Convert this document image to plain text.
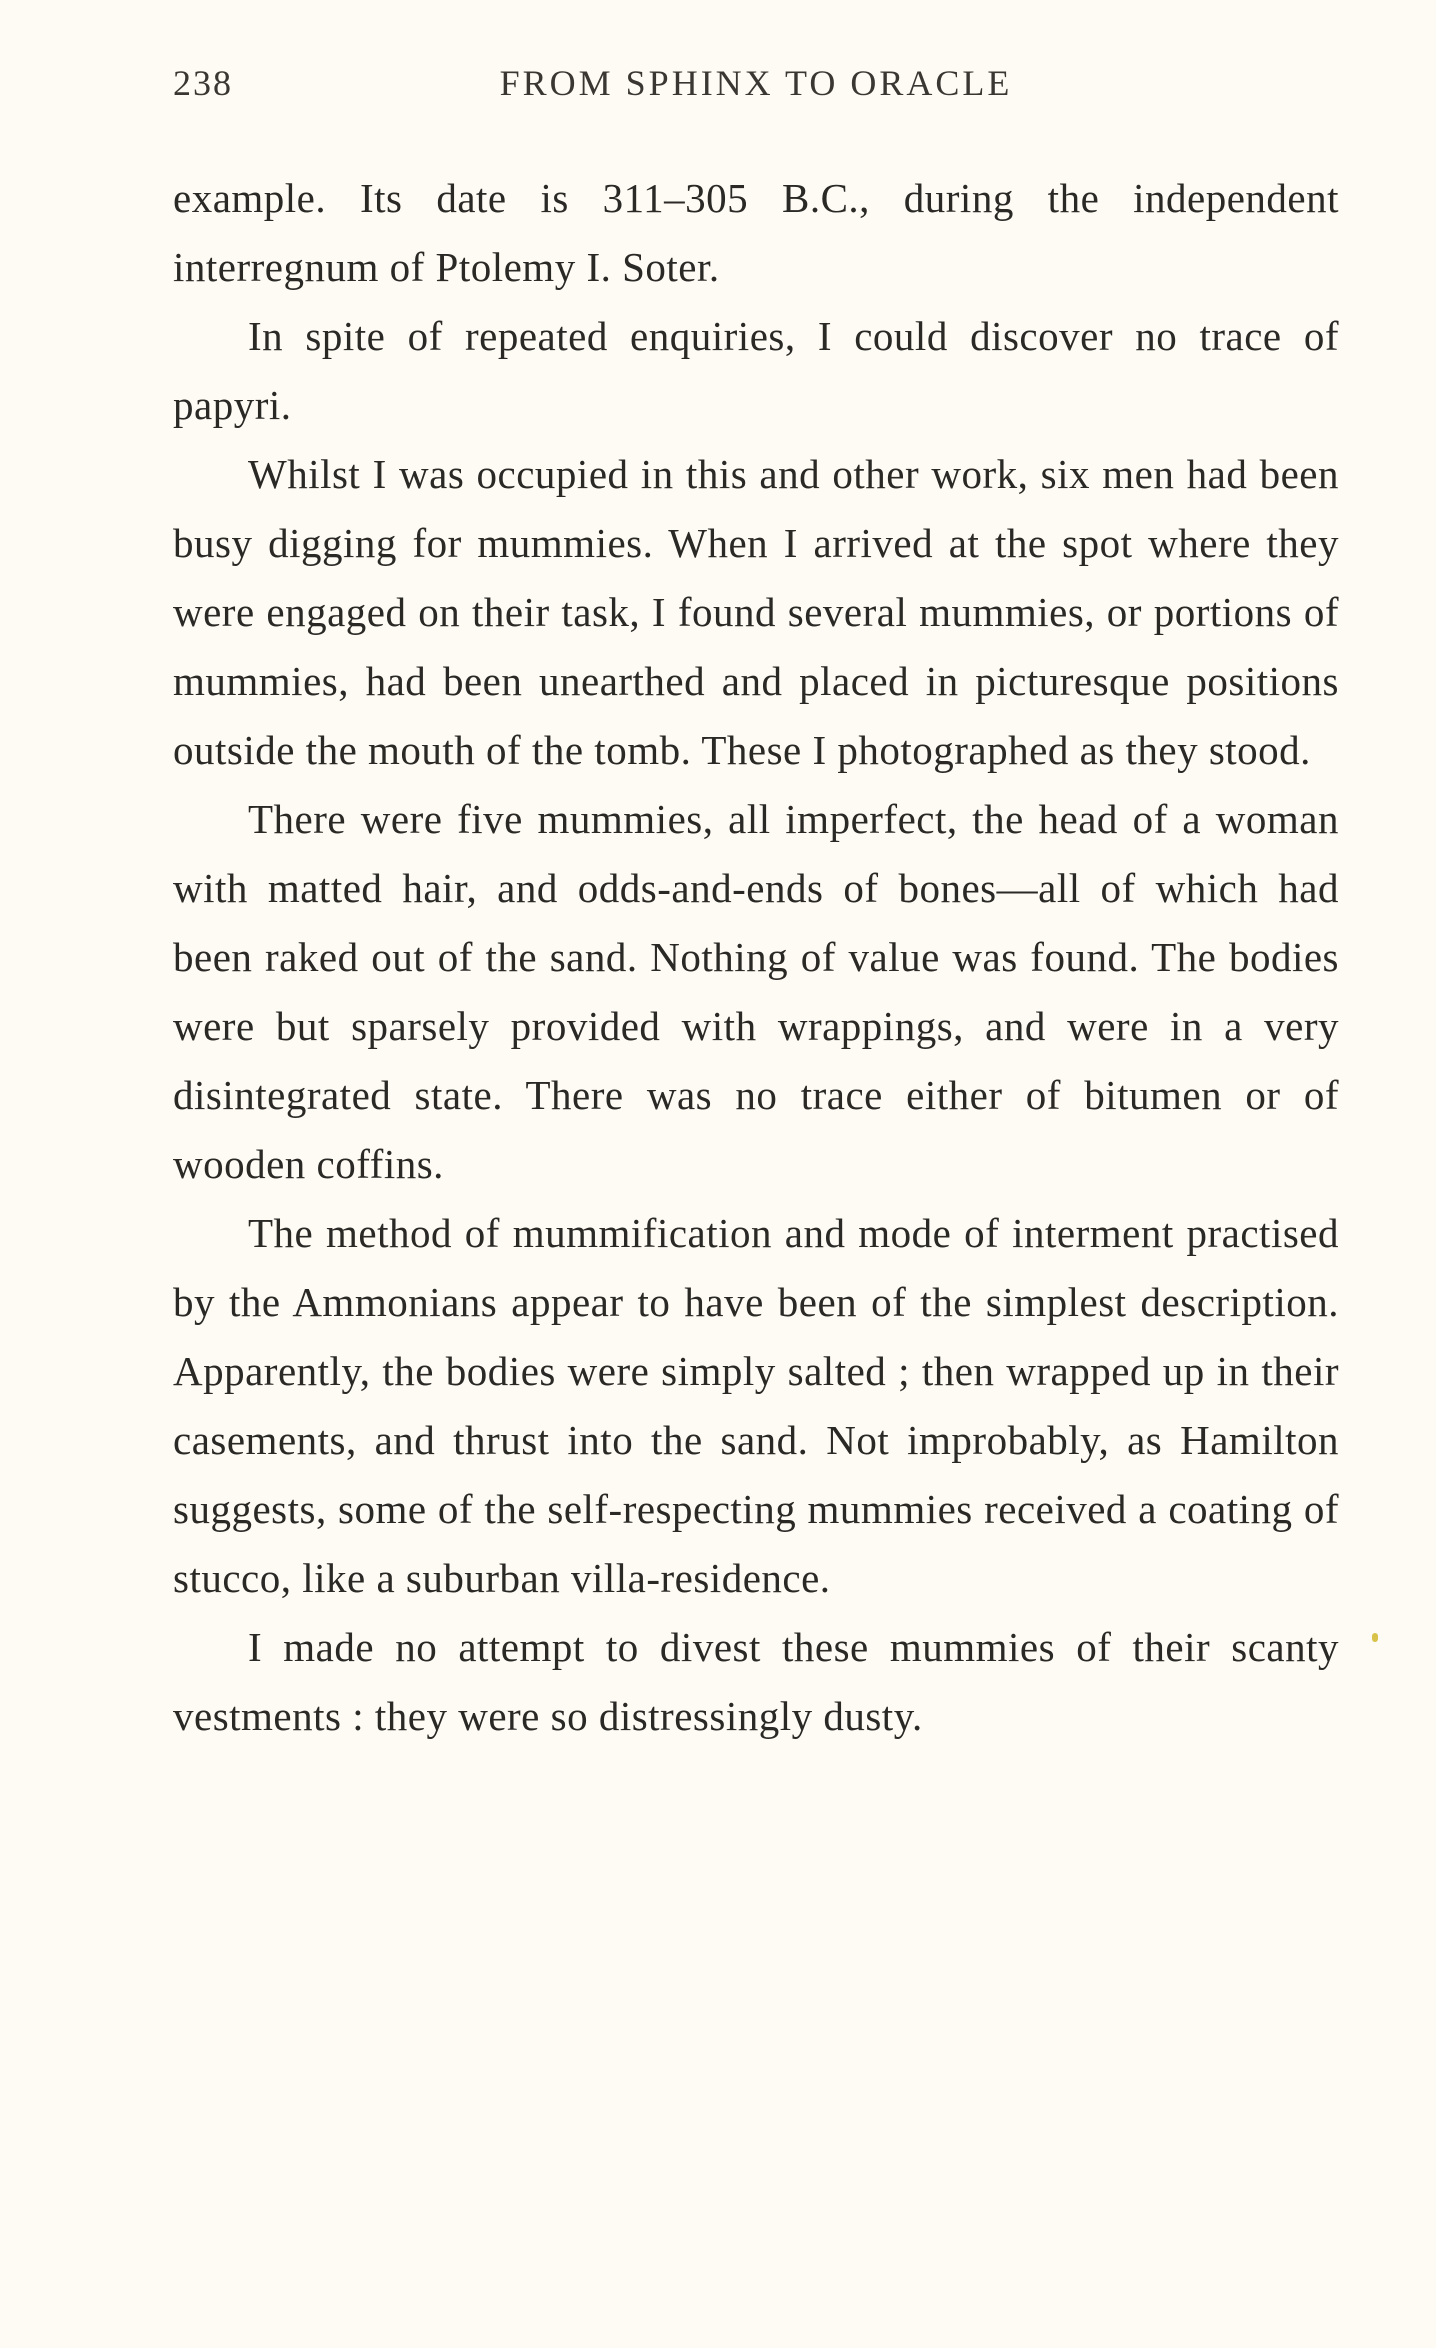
238	FROM SPHINX TO ORACLE

example. Its date is 311–305 B.C., during the independent interregnum of Ptolemy I. Soter.

In spite of repeated enquiries, I could discover no trace of papyri.

Whilst I was occupied in this and other work, six men had been busy digging for mummies. When I arrived at the spot where they were engaged on their task, I found several mummies, or portions of mummies, had been unearthed and placed in picturesque positions outside the mouth of the tomb. These I photographed as they stood.

There were five mummies, all imperfect, the head of a woman with matted hair, and odds-and-ends of bones—all of which had been raked out of the sand. Nothing of value was found. The bodies were but sparsely provided with wrappings, and were in a very disintegrated state. There was no trace either of bitumen or of wooden coffins.

The method of mummification and mode of interment practised by the Ammonians appear to have been of the simplest description. Apparently, the bodies were simply salted ; then wrapped up in their casements, and thrust into the sand. Not improbably, as Hamilton suggests, some of the self-respecting mummies received a coating of stucco, like a suburban villa-residence.

I made no attempt to divest these mummies of their scanty vestments : they were so distressingly dusty.
